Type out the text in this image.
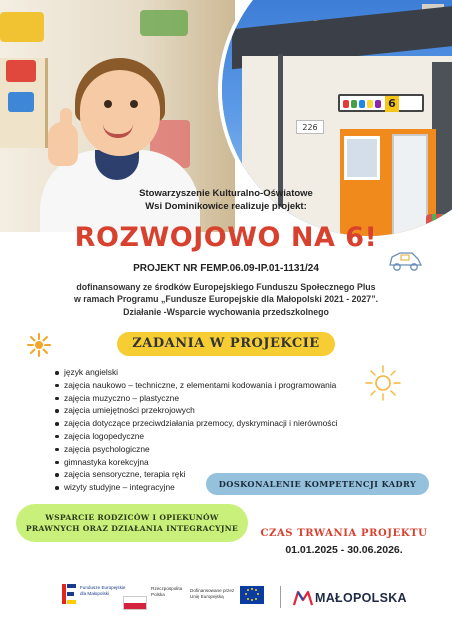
6
226
Stowarzyszenie Kulturalno-Oświatowe
Wsi Dominikowice realizuje projekt:
ROZWOJOWO NA 6!
PROJEKT NR FEMP.06.09-IP.01-1131/24
dofinansowany ze środków Europejskiego Funduszu Społecznego Plus
w ramach Programu „Fundusze Europejskie dla Małopolski 2021 - 2027”.
Działanie -Wsparcie wychowania przedszkolnego
ZADANIA W PROJEKCIE
język angielski
zajęcia naukowo – techniczne, z elementami kodowania i programowania
zajęcia muzyczno – plastyczne
zajęcia umiejętności przekrojowych
zajęcia dotyczące przeciwdziałania przemocy, dyskryminacji i nierówności
zajęcia logopedyczne
zajęcia psychologiczne
gimnastyka korekcyjna
zajęcia sensoryczne, terapia ręki
wizyty studyjne – integracyjne	DOSKONALENIE KOMPETENCJI KADRY
WSPARCIE RODZICÓW I OPIEKUNÓW
PRAWNYCH ORAZ DZIAŁANIA INTEGRACYJNE	CZAS TRWANIA PROJEKTU
01.01.2025 - 30.06.2026.
Fundusze Europejskie
dla Małopolski
Rzeczpospolita
Polska
Dofinansowane przez
Unię Europejską	MAŁOPOLSKA
